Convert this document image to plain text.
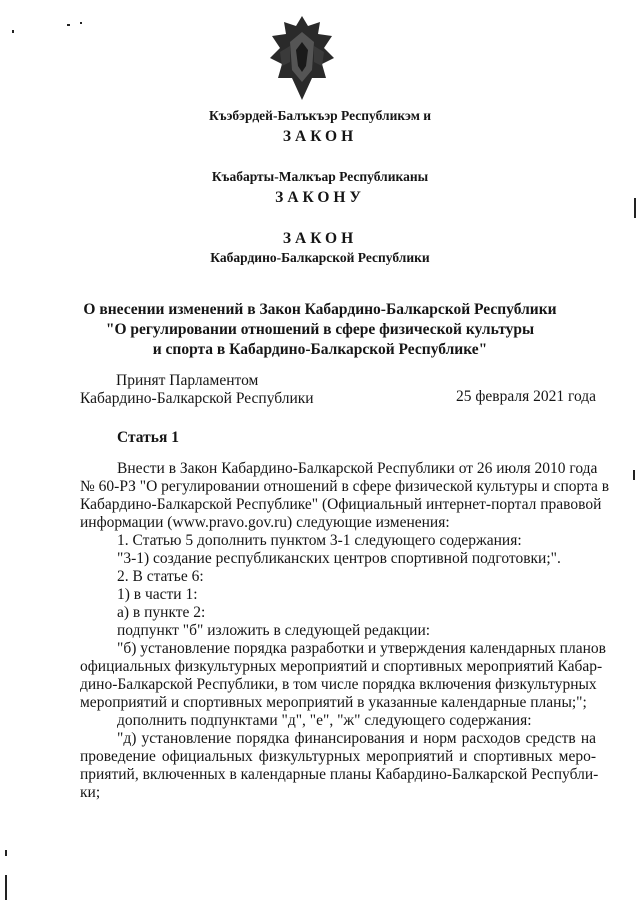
Къэбэрдей-Балъкъэр Республикэм и
ЗАКОН
Къабарты-Малкъар Республиканы
ЗАКОНУ
ЗАКОН
Кабардино-Балкарской Республики
О внесении изменений в Закон Кабардино-Балкарской Республики
"О регулировании отношений в сфере физической культуры
и спорта в Кабардино-Балкарской Республике"
Принят Парламентом
Кабардино-Балкарской Республики	25 февраля 2021 года
Статья 1
Внести в Закон Кабардино-Балкарской Республики от 26 июля 2010 года
№ 60-РЗ "О регулировании отношений в сфере физической культуры и спорта в
Кабардино-Балкарской Республике" (Официальный интернет-портал правовой
информации (www.pravo.gov.ru) следующие изменения:
1. Статью 5 дополнить пунктом 3-1 следующего содержания:
"3-1) создание республиканских центров спортивной подготовки;".
2. В статье 6:
1) в части 1:
а) в пункте 2:
подпункт "б" изложить в следующей редакции:
"б) установление порядка разработки и утверждения календарных планов
официальных физкультурных мероприятий и спортивных мероприятий Кабар-
дино-Балкарской Республики, в том числе порядка включения физкультурных
мероприятий и спортивных мероприятий в указанные календарные планы;";
дополнить подпунктами "д", "е", "ж" следующего содержания:
"д) установление порядка финансирования и норм расходов средств на
проведение официальных физкультурных мероприятий и спортивных меро-
приятий, включенных в календарные планы Кабардино-Балкарской Республи-
ки;
